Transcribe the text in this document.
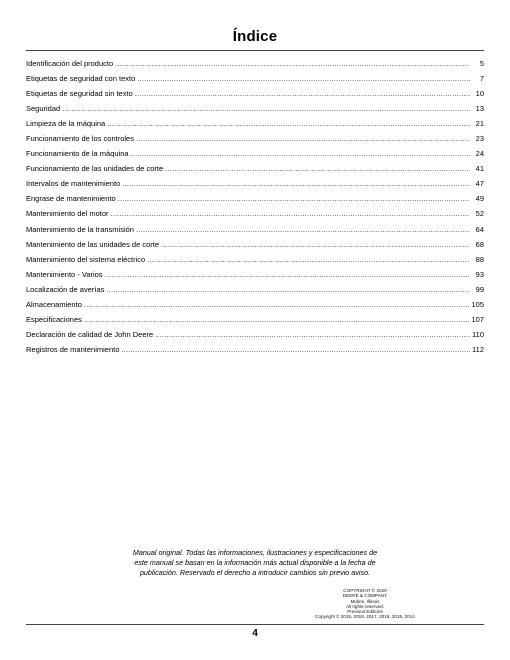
Índice
Identificación del producto .....	5
Etiquetas de seguridad con texto .....	7
Etiquetas de seguridad sin texto .....	10
Seguridad .....	13
Limpieza de la máquina .....	21
Funcionamiento de los controles .....	23
Funcionamiento de la máquina .....	24
Funcionamiento de las unidades de corte .....	41
Intervalos de mantenimiento .....	47
Engrase de mantenimiento .....	49
Mantenimiento del motor .....	52
Mantenimiento de la transmisión .....	64
Mantenimiento de las unidades de corte .....	68
Mantenimiento del sistema eléctrico .....	88
Mantenimiento - Varios .....	93
Localización de averías .....	99
Almacenamiento .....	105
Especificaciones .....	107
Declaración de calidad de John Deere .....	110
Registros de mantenimiento .....	112
Manual original. Todas las informaciones, ilustraciones y especificaciones de
este manual se basan en la información más actual disponible a la fecha de
publicación. Reservado el derecho a introducir cambios sin previo aviso.
COPYRIGHT © 2020
DEERE & COMPANY
Moline, Illinois
All rights reserved.
Previous Editions
Copyright © 2019, 2018, 2017, 2016, 2015, 2014
4
